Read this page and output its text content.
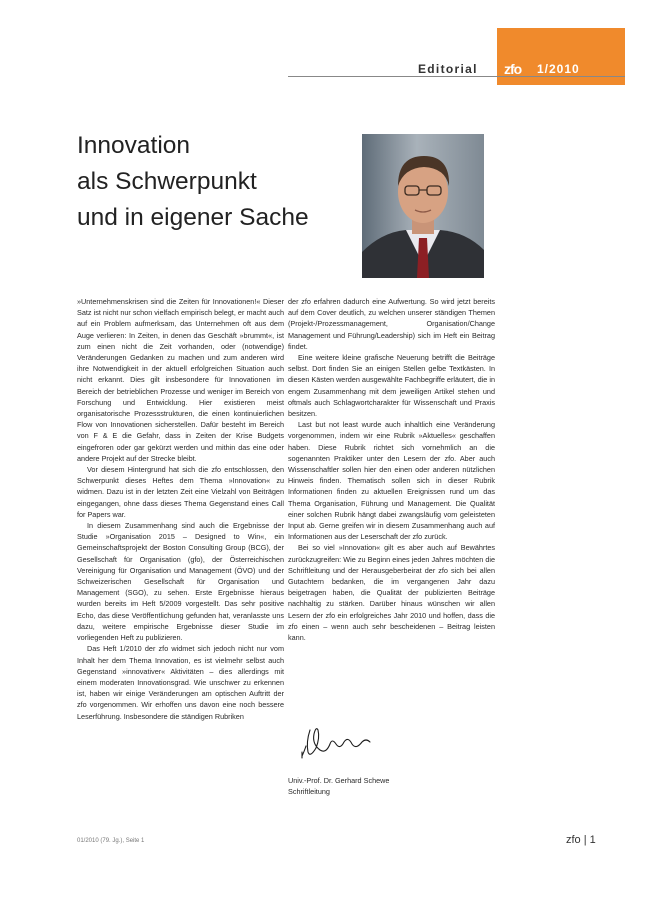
Editorial zfo 1/2010
Innovation
als Schwerpunkt
und in eigener Sache

»Unternehmenskrisen sind die Zeiten für Innovationen!« Dieser Satz ist nicht nur schon vielfach empirisch belegt, er macht auch auf ein Problem aufmerksam, das Unternehmen oft aus dem Auge verlieren: In Zeiten, in denen das Geschäft »brummt«, ist zum einen nicht die Zeit vorhanden, oder (notwendige) Veränderungen Gedanken zu machen und zum anderen wird ihre Notwendigkeit in der aktuell erfolgreichen Situation auch nicht erkannt. Dies gilt insbesondere für Innovationen im Bereich der betrieblichen Prozesse und weniger im Bereich von Forschung und Entwicklung. Hier existieren meist organisatorische Prozessstrukturen, die einen kontinuierlichen Flow von Innovationen sicherstellen. Dafür besteht im Bereich von F & E die Gefahr, dass in Zeiten der Krise Budgets eingefroren oder gar gekürzt werden und mithin das eine oder andere Projekt auf der Strecke bleibt.

Vor diesem Hintergrund hat sich die zfo entschlossen, den Schwerpunkt dieses Heftes dem Thema »Innovation« zu widmen. Dazu ist in der letzten Zeit eine Vielzahl von Beiträgen eingegangen, ohne dass dieses Thema Gegenstand eines Call for Papers war.

In diesem Zusammenhang sind auch die Ergebnisse der Studie »Organisation 2015 – Designed to Win«, ein Gemeinschaftsprojekt der Boston Consulting Group (BCG), der Gesellschaft für Organisation (gfo), der Österreichischen Vereinigung für Organisation und Management (ÖVO) und der Schweizerischen Gesellschaft für Organisation und Management (SGO), zu sehen. Erste Ergebnisse hieraus wurden bereits im Heft 5/2009 vorgestellt. Das sehr positive Echo, das diese Veröffentlichung gefunden hat, veranlasste uns dazu, weitere empirische Ergebnisse dieser Studie im vorliegenden Heft zu publizieren.

Das Heft 1/2010 der zfo widmet sich jedoch nicht nur vom Inhalt her dem Thema Innovation, es ist vielmehr selbst auch Gegenstand »innovativer« Aktivitäten – dies allerdings mit einem moderaten Innovationsgrad. Wie unschwer zu erkennen ist, haben wir einige Veränderungen am optischen Auftritt der zfo vorgenommen. Wir erhoffen uns davon eine noch bessere Leserführung. Insbesondere die ständigen Rubriken

der zfo erfahren dadurch eine Aufwertung. So wird jetzt bereits auf dem Cover deutlich, zu welchen unserer ständigen Themen (Projekt-/Prozessmanagement, Organisation/Change Management und Führung/Leadership) sich im Heft ein Beitrag findet.

Eine weitere kleine grafische Neuerung betrifft die Beiträge selbst. Dort finden Sie an einigen Stellen gelbe Textkästen. In diesen Kästen werden ausgewählte Fachbegriffe erläutert, die in engem Zusammenhang mit dem jeweiligen Artikel stehen und oftmals auch Schlagwortcharakter für Wissenschaft und Praxis besitzen.

Last but not least wurde auch inhaltlich eine Veränderung vorgenommen, indem wir eine Rubrik »Aktuelles« geschaffen haben. Diese Rubrik richtet sich vornehmlich an die sogenannten Praktiker unter den Lesern der zfo. Aber auch Wissenschaftler sollen hier den einen oder anderen nützlichen Hinweis finden. Thematisch sollen sich in dieser Rubrik Informationen finden zu aktuellen Ereignissen rund um das Thema Organisation, Führung und Management. Die Qualität einer solchen Rubrik hängt dabei zwangsläufig vom geleisteten Input ab. Gerne greifen wir in diesem Zusammenhang auch auf Informationen aus der Leserschaft der zfo zurück.

Bei so viel »Innovation« gilt es aber auch auf Bewährtes zurückzugreifen: Wie zu Beginn eines jeden Jahres möchten die Schriftleitung und der Herausgeberbeirat der zfo sich bei allen Gutachtern bedanken, die im vergangenen Jahr dazu beigetragen haben, die Qualität der publizierten Beiträge nachhaltig zu stärken. Darüber hinaus wünschen wir allen Lesern der zfo ein erfolgreiches Jahr 2010 und hoffen, dass die zfo einen – wenn auch sehr bescheidenen – Beitrag leisten kann.

Univ.-Prof. Dr. Gerhard Schewe
Schriftleitung
01/2010 (79. Jg.), Seite 1	zfo | 1
